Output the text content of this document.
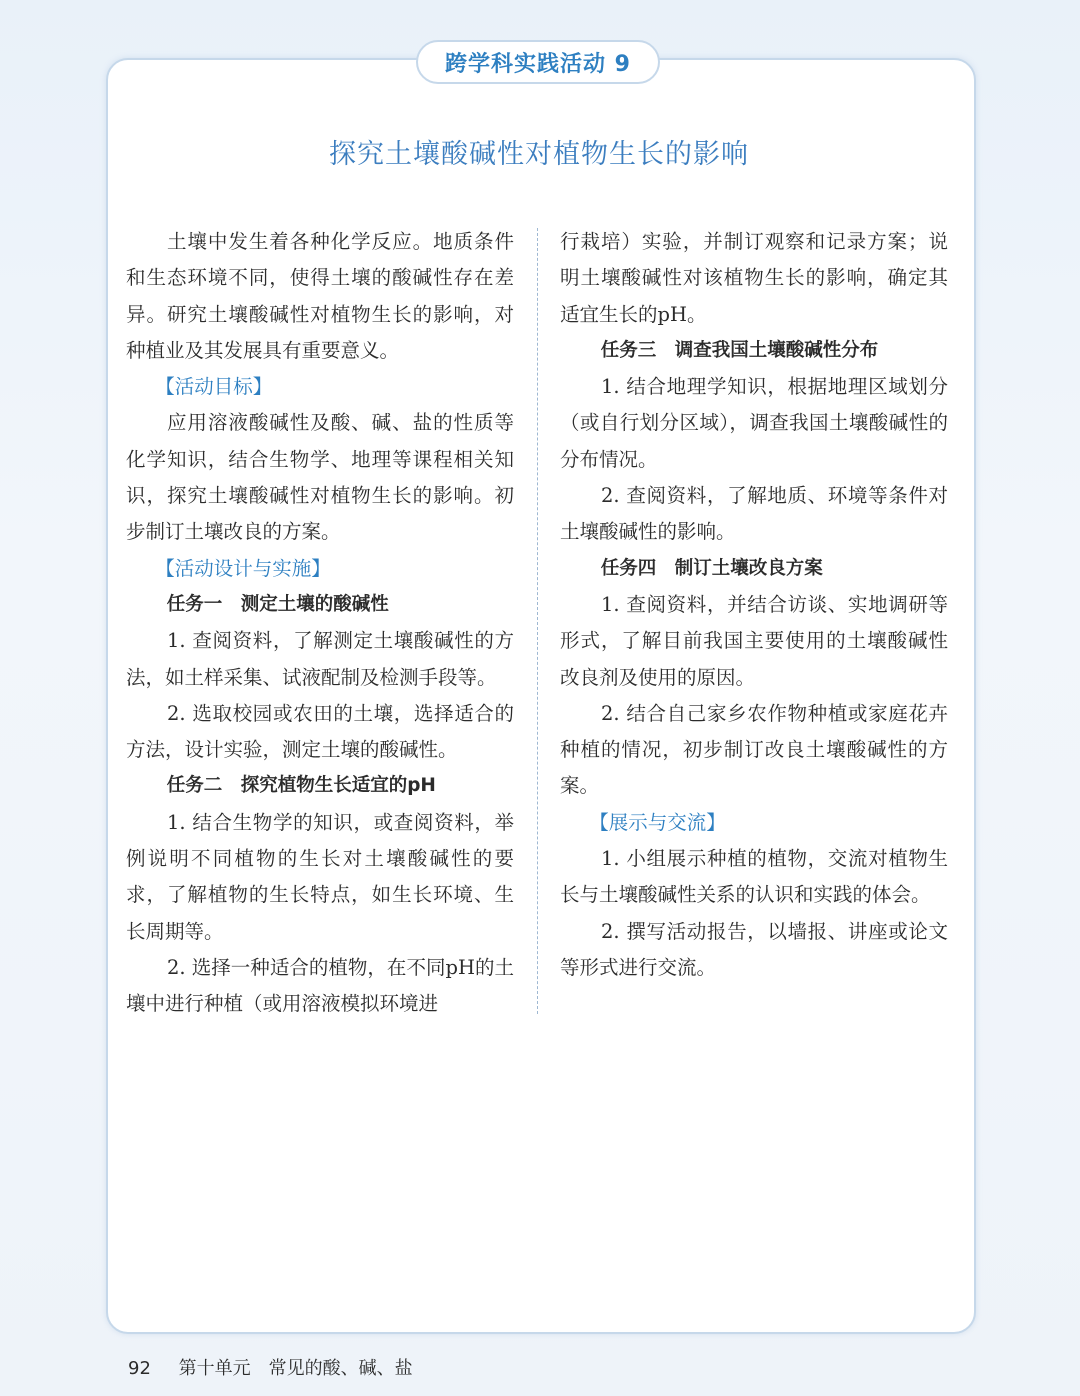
跨学科实践活动 9
探究土壤酸碱性对植物生长的影响

土壤中发生着各种化学反应。地质条件和生态环境不同，使得土壤的酸碱性存在差异。研究土壤酸碱性对植物生长的影响，对种植业及其发展具有重要意义。

【活动目标】

应用溶液酸碱性及酸、碱、盐的性质等化学知识，结合生物学、地理等课程相关知识，探究土壤酸碱性对植物生长的影响。初步制订土壤改良的方案。

【活动设计与实施】

任务一　测定土壤的酸碱性

1. 查阅资料，了解测定土壤酸碱性的方法，如土样采集、试液配制及检测手段等。

2. 选取校园或农田的土壤，选择适合的方法，设计实验，测定土壤的酸碱性。

任务二　探究植物生长适宜的pH

1. 结合生物学的知识，或查阅资料，举例说明不同植物的生长对土壤酸碱性的要求，了解植物的生长特点，如生长环境、生长周期等。

2. 选择一种适合的植物，在不同pH的土壤中进行种植（或用溶液模拟环境进

行栽培）实验，并制订观察和记录方案；说明土壤酸碱性对该植物生长的影响，确定其适宜生长的pH。

任务三　调查我国土壤酸碱性分布

1. 结合地理学知识，根据地理区域划分（或自行划分区域），调查我国土壤酸碱性的分布情况。

2. 查阅资料，了解地质、环境等条件对土壤酸碱性的影响。

任务四　制订土壤改良方案

1. 查阅资料，并结合访谈、实地调研等形式，了解目前我国主要使用的土壤酸碱性改良剂及使用的原因。

2. 结合自己家乡农作物种植或家庭花卉种植的情况，初步制订改良土壤酸碱性的方案。

【展示与交流】

1. 小组展示种植的植物，交流对植物生长与土壤酸碱性关系的认识和实践的体会。

2. 撰写活动报告，以墙报、讲座或论文等形式进行交流。

92 第十单元　常见的酸、碱、盐
